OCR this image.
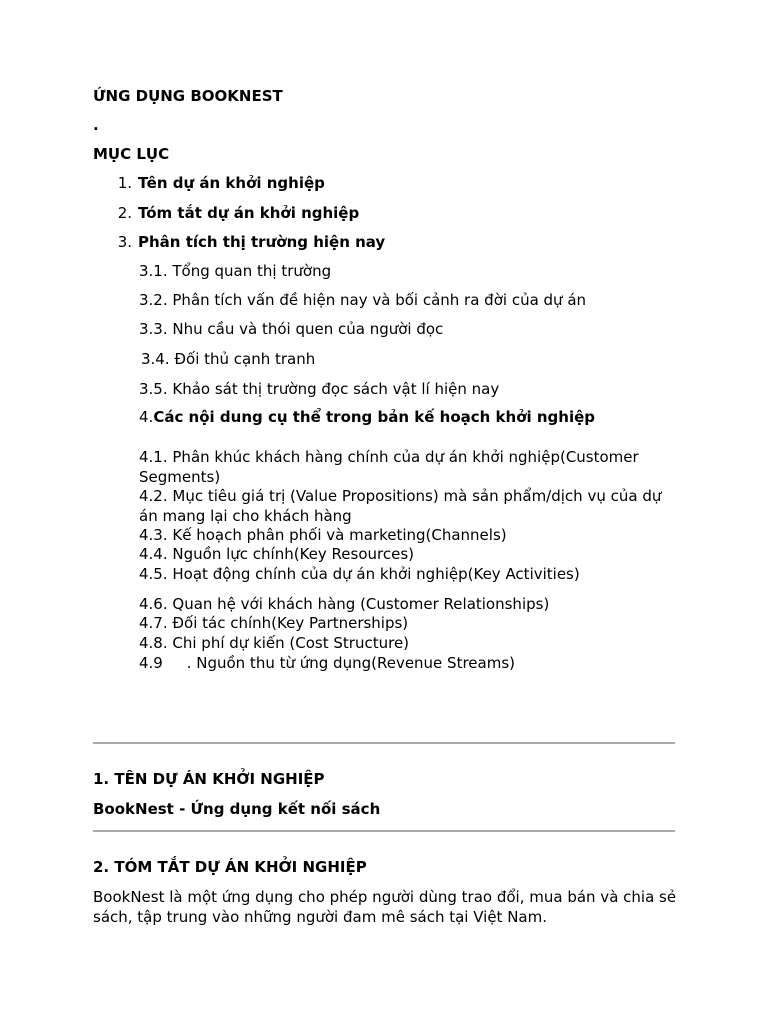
ỨNG DỤNG BOOKNEST
.
MỤC LỤC
1. Tên dự án khởi nghiệp
2. Tóm tắt dự án khởi nghiệp
3. Phân tích thị trường hiện nay
3.1. Tổng quan thị trường
3.2. Phân tích vấn đề hiện nay và bối cảnh ra đời của dự án
3.3. Nhu cầu và thói quen của người đọc
3.4. Đối thủ cạnh tranh
3.5. Khảo sát thị trường đọc sách vật lí hiện nay
4.Các nội dung cụ thể trong bản kế hoạch khởi nghiệp
4.1. Phân khúc khách hàng chính của dự án khởi nghiệp(Customer Segments)
4.2. Mục tiêu giá trị (Value Propositions) mà sản phẩm/dịch vụ của dự án mang lại cho khách hàng
4.3. Kế hoạch phân phối và marketing(Channels)
4.4. Nguồn lực chính(Key Resources)
4.5. Hoạt động chính của dự án khởi nghiệp(Key Activities)
4.6. Quan hệ với khách hàng (Customer Relationships)
4.7. Đối tác chính(Key Partnerships)
4.8. Chi phí dự kiến (Cost Structure)
4.9     . Nguồn thu từ ứng dụng(Revenue Streams)
1. TÊN DỰ ÁN KHỞI NGHIỆP
BookNest - Ứng dụng kết nối sách
2. TÓM TẮT DỰ ÁN KHỞI NGHIỆP
BookNest là một ứng dụng cho phép người dùng trao đổi, mua bán và chia sẻ sách, tập trung vào những người đam mê sách tại Việt Nam.
